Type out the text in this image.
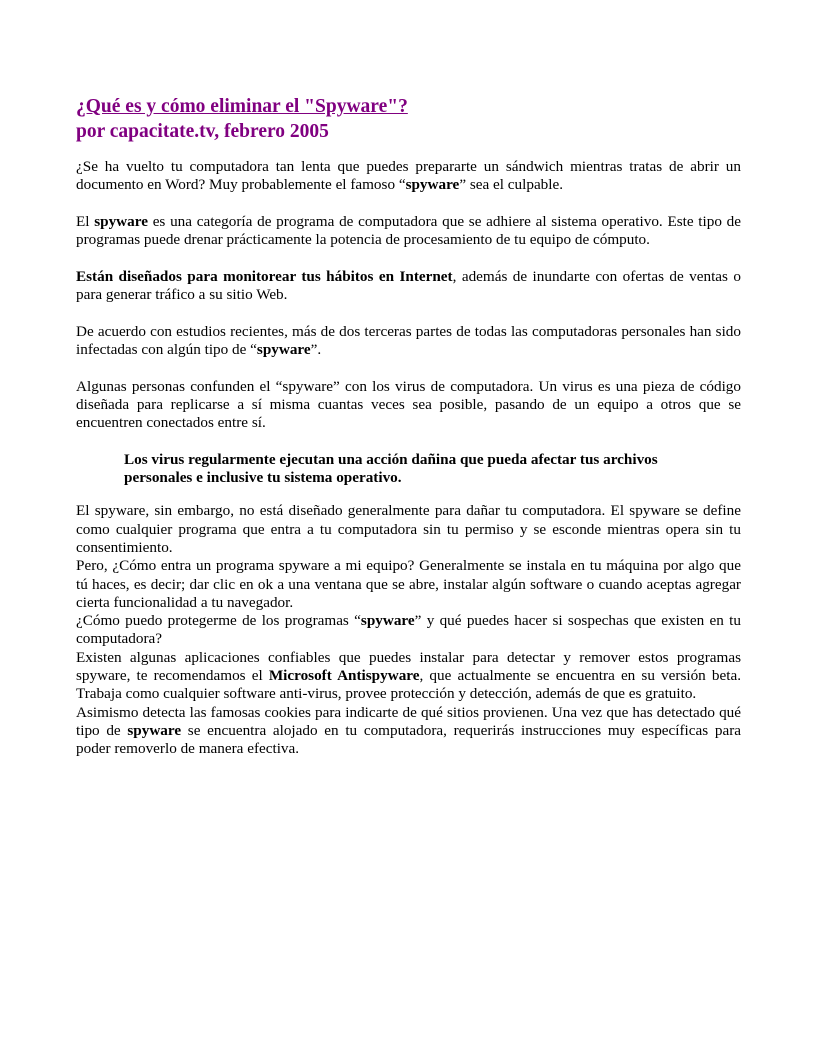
¿Qué es y cómo eliminar el "Spyware"?
por capacitate.tv, febrero 2005

¿Se ha vuelto tu computadora tan lenta que puedes prepararte un sándwich mientras tratas de abrir un documento en Word? Muy probablemente el famoso “spyware” sea el culpable.

El spyware es una categoría de programa de computadora que se adhiere al sistema operativo. Este tipo de programas puede drenar prácticamente la potencia de procesamiento de tu equipo de cómputo.

Están diseñados para monitorear tus hábitos en Internet, además de inundarte con ofertas de ventas o para generar tráfico a su sitio Web.

De acuerdo con estudios recientes, más de dos terceras partes de todas las computadoras personales han sido infectadas con algún tipo de “spyware”.

Algunas personas confunden el “spyware” con los virus de computadora. Un virus es una pieza de código diseñada para replicarse a sí misma cuantas veces sea posible, pasando de un equipo a otros que se encuentren conectados entre sí.

Los virus regularmente ejecutan una acción dañina que pueda afectar tus archivos personales e inclusive tu sistema operativo.

El spyware, sin embargo, no está diseñado generalmente para dañar tu computadora. El spyware se define como cualquier programa que entra a tu computadora sin tu permiso y se esconde mientras opera sin tu consentimiento.

Pero, ¿Cómo entra un programa spyware a mi equipo? Generalmente se instala en tu máquina por algo que tú haces, es decir; dar clic en ok a una ventana que se abre, instalar algún software o cuando aceptas agregar cierta funcionalidad a tu navegador.

¿Cómo puedo protegerme de los programas “spyware” y qué puedes hacer si sospechas que existen en tu computadora?

Existen algunas aplicaciones confiables que puedes instalar para detectar y remover estos programas spyware, te recomendamos el Microsoft Antispyware, que actualmente se encuentra en su versión beta. Trabaja como cualquier software anti-virus, provee protección y detección, además de que es gratuito.

Asimismo detecta las famosas cookies para indicarte de qué sitios provienen. Una vez que has detectado qué tipo de spyware se encuentra alojado en tu computadora, requerirás instrucciones muy específicas para poder removerlo de manera efectiva.
